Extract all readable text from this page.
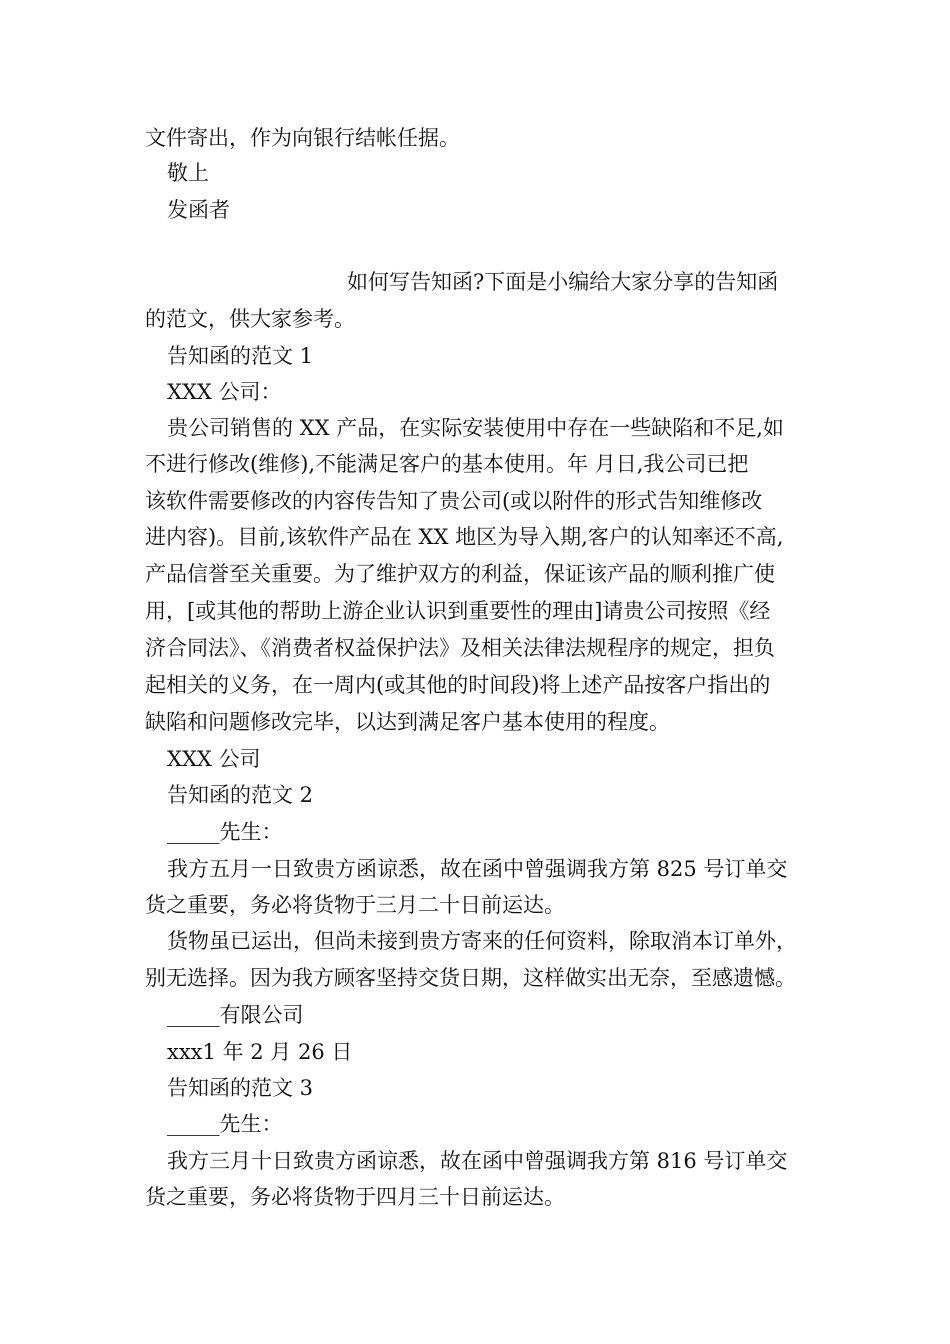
文件寄出，作为向银行结帐任据。
敬上
发函者
如何写告知函?下面是小编给大家分享的告知函
的范文，供大家参考。
告知函的范文 1
XXX 公司：
贵公司销售的 XX 产品，在实际安装使用中存在一些缺陷和不足,如
不进行修改(维修),不能满足客户的基本使用。年 月日,我公司已把
该软件需要修改的内容传告知了贵公司(或以附件的形式告知维修改
进内容)。目前,该软件产品在 XX 地区为导入期,客户的认知率还不高,
产品信誉至关重要。为了维护双方的利益，保证该产品的顺利推广使
用，[或其他的帮助上游企业认识到重要性的理由]请贵公司按照《经
济合同法》、《消费者权益保护法》及相关法律法规程序的规定，担负
起相关的义务，在一周内(或其他的时间段)将上述产品按客户指出的
缺陷和问题修改完毕，以达到满足客户基本使用的程度。
XXX 公司
告知函的范文 2
_____先生：
我方五月一日致贵方函谅悉，故在函中曾强调我方第 825 号订单交
货之重要，务必将货物于三月二十日前运达。
货物虽已运出，但尚未接到贵方寄来的任何资料，除取消本订单外，
别无选择。因为我方顾客坚持交货日期，这样做实出无奈，至感遗憾。
_____有限公司
xxx1 年 2 月 26 日
告知函的范文 3
_____先生：
我方三月十日致贵方函谅悉，故在函中曾强调我方第 816 号订单交
货之重要，务必将货物于四月三十日前运达。
